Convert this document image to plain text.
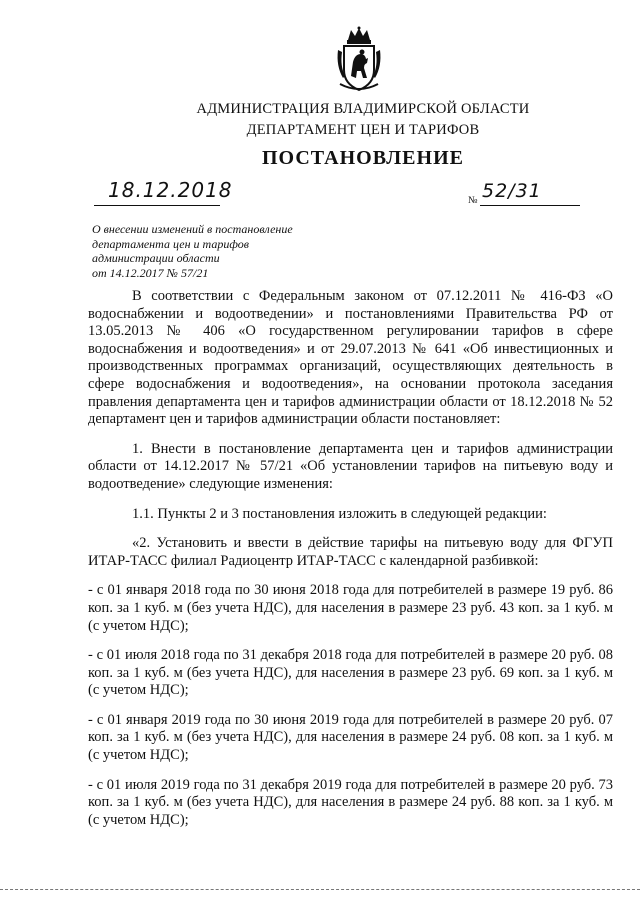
АДМИНИСТРАЦИЯ ВЛАДИМИРСКОЙ ОБЛАСТИ
ДЕПАРТАМЕНТ ЦЕН И ТАРИФОВ
ПОСТАНОВЛЕНИЕ
18.12.2018	№ 52/31
О внесении изменений в постановление
департамента цен и тарифов
администрации области
от 14.12.2017 № 57/21

В соответствии с Федеральным законом от 07.12.2011 № 416-ФЗ «О водоснабжении и водоотведении» и постановлениями Правительства РФ от 13.05.2013 № 406 «О государственном регулировании тарифов в сфере водоснабжения и водоотведения» и от 29.07.2013 № 641 «Об инвестиционных и производственных программах организаций, осуществляющих деятельность в сфере водоснабжения и водоотведения», на основании протокола заседания правления департамента цен и тарифов администрации области от 18.12.2018 № 52 департамент цен и тарифов администрации области постановляет:

1. Внести в постановление департамента цен и тарифов администрации области от 14.12.2017 № 57/21 «Об установлении тарифов на питьевую воду и водоотведение» следующие изменения:

1.1. Пункты 2 и 3 постановления изложить в следующей редакции:

«2. Установить и ввести в действие тарифы на питьевую воду для ФГУП ИТАР-ТАСС филиал Радиоцентр ИТАР-ТАСС с календарной разбивкой:

- с 01 января 2018 года по 30 июня 2018 года для потребителей в размере 19 руб. 86 коп. за 1 куб. м (без учета НДС), для населения в размере 23 руб. 43 коп. за 1 куб. м (с учетом НДС);

- с 01 июля 2018 года по 31 декабря 2018 года для потребителей в размере 20 руб. 08 коп. за 1 куб. м (без учета НДС), для населения в размере 23 руб. 69 коп. за 1 куб. м (с учетом НДС);

- с 01 января 2019 года по 30 июня 2019 года для потребителей в размере 20 руб. 07 коп. за 1 куб. м (без учета НДС), для населения в размере 24 руб. 08 коп. за 1 куб. м (с учетом НДС);

- с 01 июля 2019 года по 31 декабря 2019 года для потребителей в размере 20 руб. 73 коп. за 1 куб. м (без учета НДС), для населения в размере 24 руб. 88 коп. за 1 куб. м (с учетом НДС);
